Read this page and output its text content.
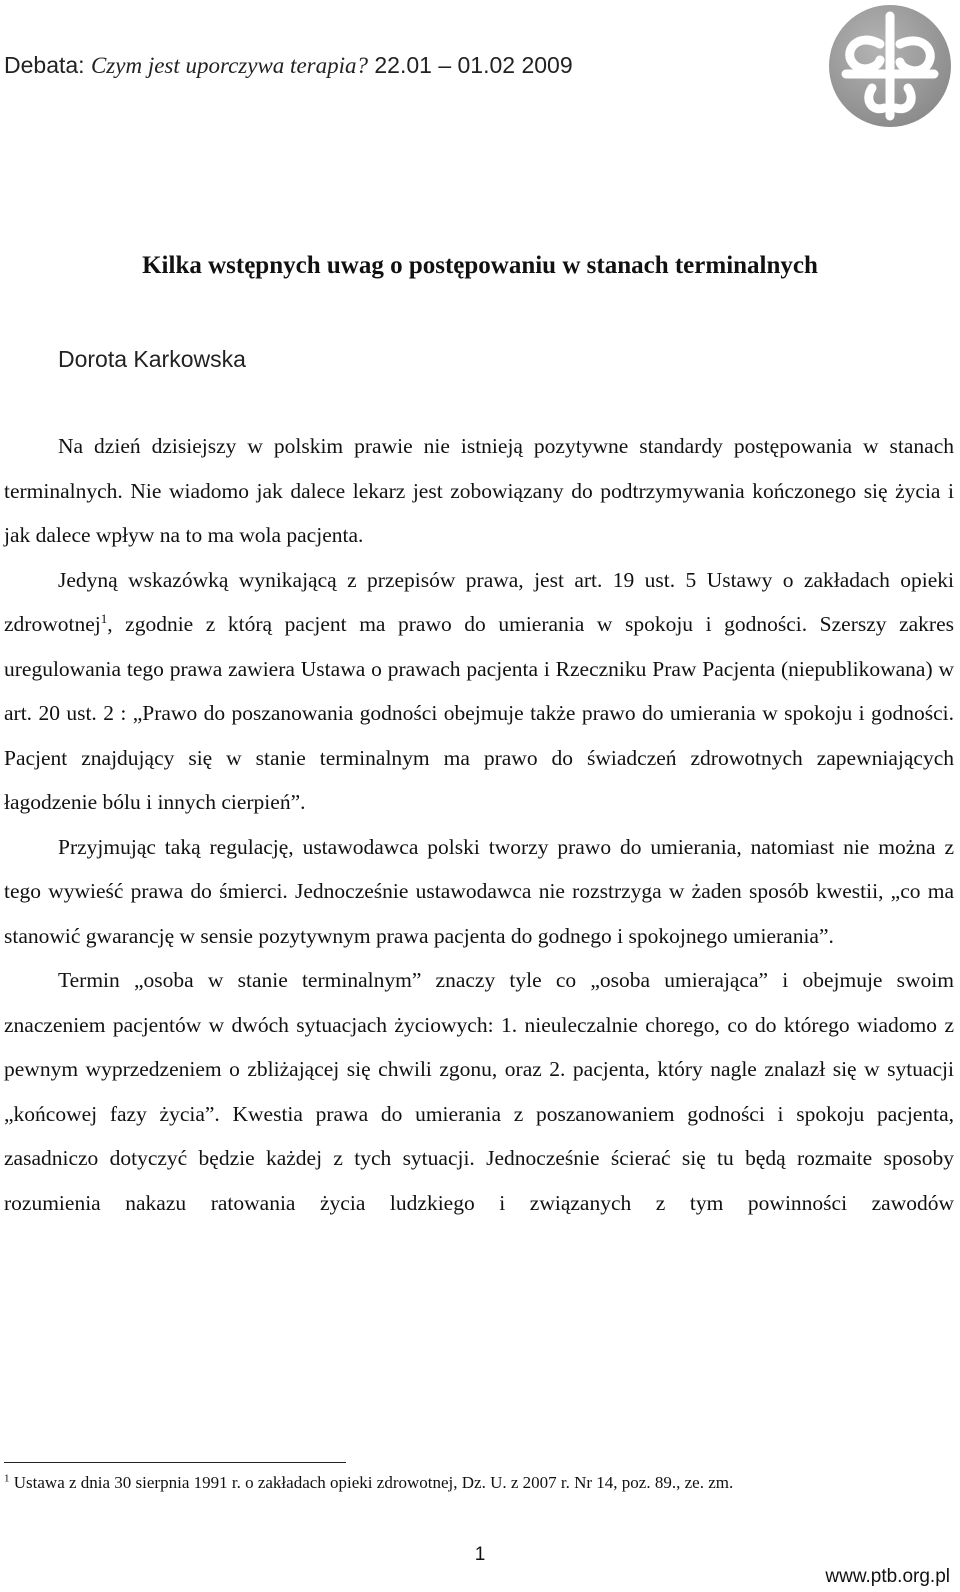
Debata: Czym jest uporczywa terapia? 22.01 – 01.02 2009
Kilka wstępnych uwag o postępowaniu w stanach terminalnych
Dorota Karkowska

Na dzień dzisiejszy w polskim prawie nie istnieją pozytywne standardy postępowania w stanach terminalnych. Nie wiadomo jak dalece lekarz jest zobowiązany do podtrzymywania kończonego się życia i jak dalece wpływ na to ma wola pacjenta.

Jedyną wskazówką wynikającą z przepisów prawa, jest art. 19 ust. 5 Ustawy o zakładach opieki zdrowotnej$^1$, zgodnie z którą pacjent ma prawo do umierania w spokoju i godności. Szerszy zakres uregulowania tego prawa zawiera Ustawa o prawach pacjenta i Rzeczniku Praw Pacjenta (niepublikowana) w art. 20 ust. 2 : „Prawo do poszanowania godności obejmuje także prawo do umierania w spokoju i godności. Pacjent znajdujący się w stanie terminalnym ma prawo do świadczeń zdrowotnych zapewniających łagodzenie bólu i innych cierpień”.

Przyjmując taką regulację, ustawodawca polski tworzy prawo do umierania, natomiast nie można z tego wywieść prawa do śmierci. Jednocześnie ustawodawca nie rozstrzyga w żaden sposób kwestii, „co ma stanowić gwarancję w sensie pozytywnym prawa pacjenta do godnego i spokojnego umierania”.

Termin „osoba w stanie terminalnym” znaczy tyle co „osoba umierająca” i obejmuje swoim znaczeniem pacjentów w dwóch sytuacjach życiowych: 1. nieuleczalnie chorego, co do którego wiadomo z pewnym wyprzedzeniem o zbliżającej się chwili zgonu, oraz 2. pacjenta, który nagle znalazł się w sytuacji „końcowej fazy życia”. Kwestia prawa do umierania z poszanowaniem godności i spokoju pacjenta, zasadniczo dotyczyć będzie każdej z tych sytuacji. Jednocześnie ścierać się tu będą rozmaite sposoby rozumienia nakazu ratowania życia ludzkiego i związanych z tym powinności zawodów

$^1$ Ustawa z dnia 30 sierpnia 1991 r. o zakładach opieki zdrowotnej, Dz. U. z 2007 r. Nr 14, poz. 89., ze. zm.
1
www.ptb.org.pl
